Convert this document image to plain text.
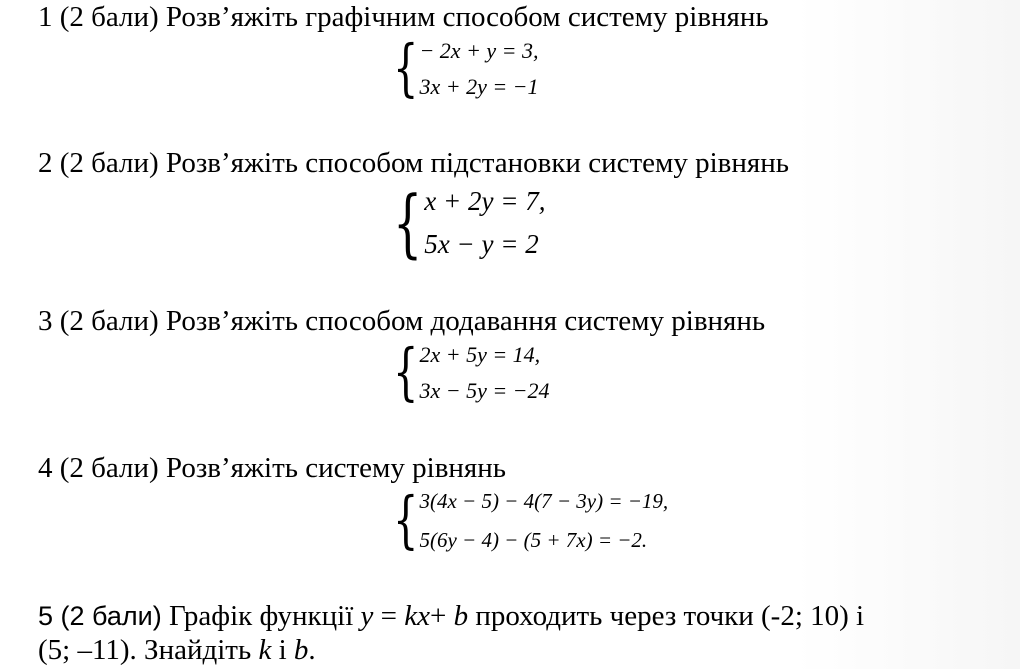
1 (2 бали) Розв’яжіть графічним способом систему рівнянь
{ − 2x + y = 3,
3x + 2y = −1
2 (2 бали) Розв’яжіть способом підстановки систему рівнянь
{ x + 2y = 7,
5x − y = 2
3 (2 бали) Розв’яжіть способом додавання систему рівнянь
{ 2x + 5y = 14,
3x − 5y = −24
4 (2 бали) Розв’яжіть систему рівнянь
{ 3(4x − 5) − 4(7 − 3y) = −19,
5(6y − 4) − (5 + 7x) = −2.

5 (2 бали) Графік функції y = kx+ b проходить через точки (-2; 10) і

(5; –11). Знайдіть k і b.
